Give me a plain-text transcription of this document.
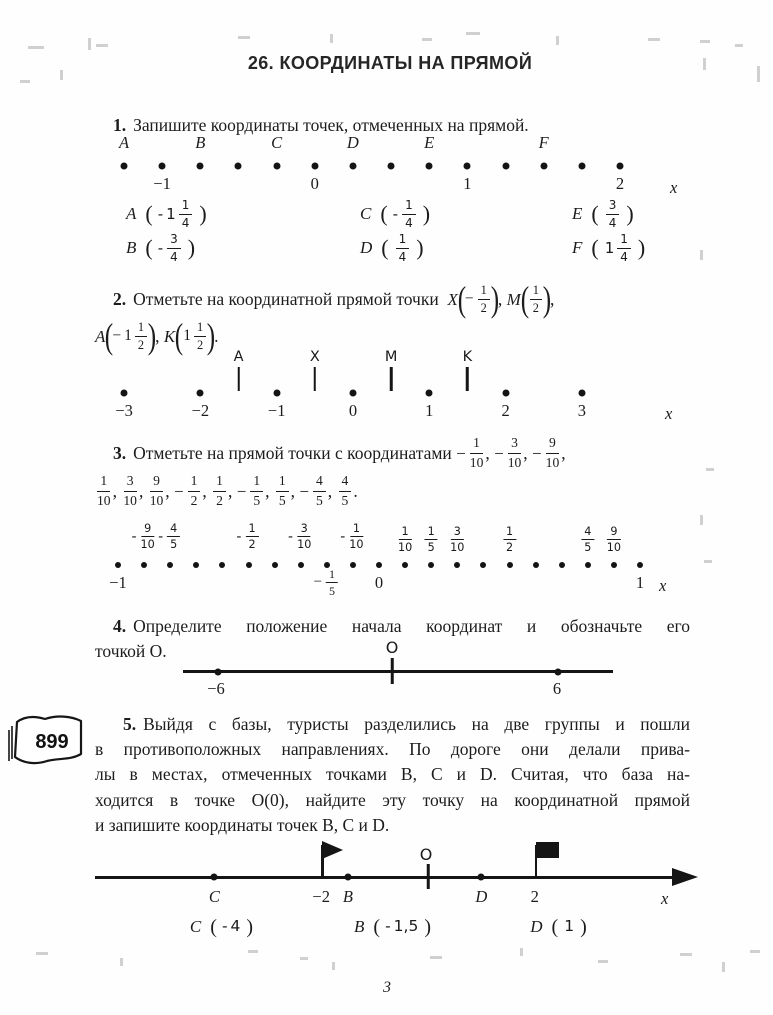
26. КООРДИНАТЫ НА ПРЯМОЙ

1. Запишите координаты точек, отмеченных на прямой.

A	B	C	D	E	F
−1	0	1	2	x
A ( - $1 \frac{1}{4}$ )	C ( - $\frac{1}{4}$ )	E ( $\frac{3}{4}$ )
B ( - $\frac{3}{4}$ )	D ( $\frac{1}{4}$ )	F ( $1 \frac{1}{4}$ )
2. Отметьте на координатной прямой точки X (
− $\frac{1}{2}$ )
, M ( $\frac{1}{2}$ )
,
A (
− $1 \frac{1}{2}$ )
, K ( $1 \frac{1}{2}$ )
.
−3	−2	−1	0	1	2	3
A	X	M	K
x
3. Отметьте на прямой точки с координатами − $\frac{1}{10}$ , − $\frac{3}{10}$ , − $\frac{9}{10}$ ,
$\frac{1}{10}$ , $\frac{3}{10}$ , $\frac{9}{10}$ , − $\frac{1}{2}$ , $\frac{1}{2}$ , − $\frac{1}{5}$ , $\frac{1}{5}$ , − $\frac{4}{5}$ , $\frac{4}{5}$ .
- $\frac{9}{10} - \frac{4}{5}$	- $\frac{1}{2} - \frac{3}{10} - \frac{1}{10}$	$\frac{1}{10} \frac{1}{5} \frac{3}{10}$	$\frac{1}{2}$	$\frac{4}{5} \frac{9}{10}$
−1	− $\frac{1}{5} 0$	1 x

4. Определите положение начала координат и обозначьте его

точкой O.

−6	6
O
899
5. Выйдя с базы, туристы разделились на две группы и пошли
в противоположных направлениях. По дороге они делали прива-
лы в местах, отмеченных точками B, C и D. Считая, что база на-
ходится в точке O(0), найдите эту точку на координатной прямой
и запишите координаты точек B, C и D.
C	−2 B	D	2
O
x
C ( - 4 )	B ( - 1,5 )	D ( 1 )
3
